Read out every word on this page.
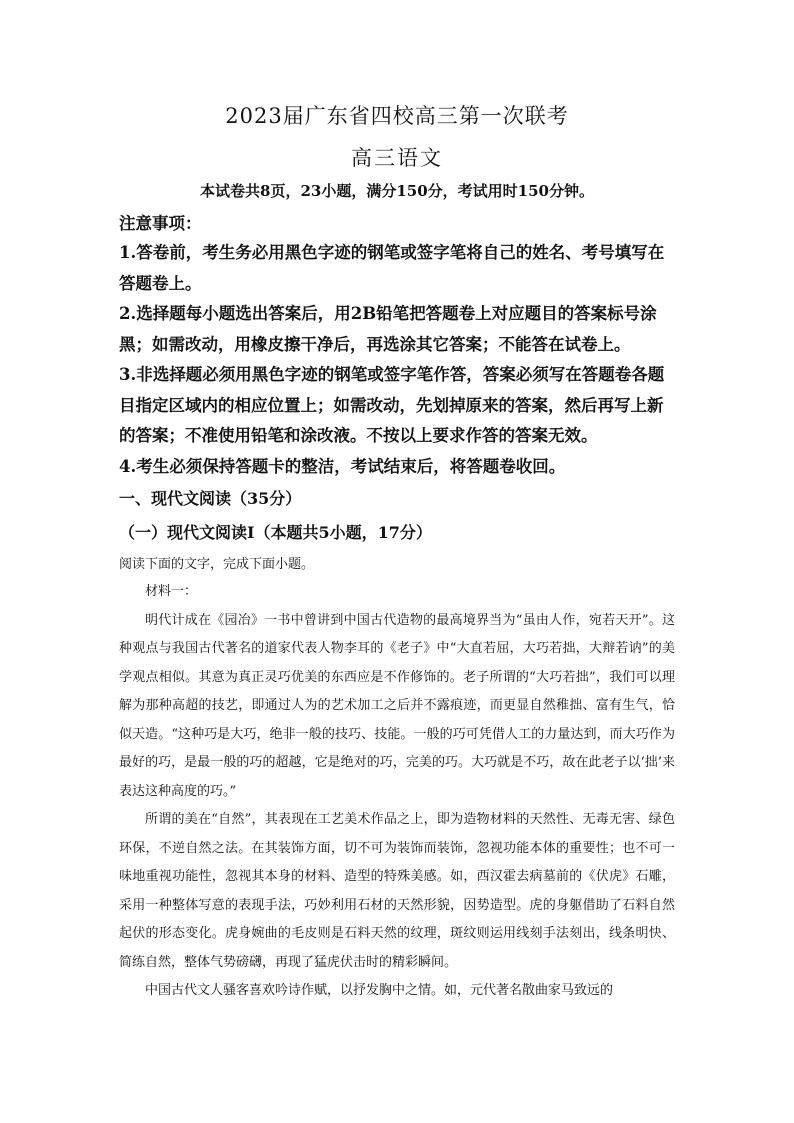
2023届广东省四校高三第一次联考
高三语文
本试卷共8页，23小题，满分150分，考试用时150分钟。
注意事项：

1.答卷前，考生务必用黑色字迹的钢笔或签字笔将自己的姓名、考号填写在答题卷上。

2.选择题每小题选出答案后，用2B铅笔把答题卷上对应题目的答案标号涂黑；如需改动，用橡皮擦干净后，再选涂其它答案；不能答在试卷上。

3.非选择题必须用黑色字迹的钢笔或签字笔作答，答案必须写在答题卷各题目指定区域内的相应位置上；如需改动，先划掉原来的答案，然后再写上新的答案；不准使用铅笔和涂改液。不按以上要求作答的答案无效。

4.考生必须保持答题卡的整洁，考试结束后，将答题卷收回。

一、现代文阅读（35分）
（一）现代文阅读Ⅰ（本题共5小题，17分）
阅读下面的文字，完成下面小题。
材料一：

明代计成在《园冶》一书中曾讲到中国古代造物的最高境界当为“虽由人作，宛若天开”。这种观点与我国古代著名的道家代表人物李耳的《老子》中“大直若屈，大巧若拙，大辩若讷”的美学观点相似。其意为真正灵巧优美的东西应是不作修饰的。老子所谓的“大巧若拙”，我们可以理解为那种高超的技艺，即通过人为的艺术加工之后并不露痕迹，而更显自然稚拙、富有生气，恰似天造。“这种巧是大巧，绝非一般的技巧、技能。一般的巧可凭借人工的力量达到，而大巧作为最好的巧，是最一般的巧的超越，它是绝对的巧，完美的巧。大巧就是不巧，故在此老子以‘拙’来表达这种高度的巧。”

所谓的美在“自然”，其表现在工艺美术作品之上，即为造物材料的天然性、无毒无害、绿色环保，不逆自然之法。在其装饰方面，切不可为装饰而装饰，忽视功能本体的重要性；也不可一味地重视功能性，忽视其本身的材料、造型的特殊美感。如，西汉霍去病墓前的《伏虎》石雕，采用一种整体写意的表现手法，巧妙利用石材的天然形貌，因势造型。虎的身躯借助了石料自然起伏的形态变化。虎身婉曲的毛皮则是石料天然的纹理，斑纹则运用线刻手法刻出，线条明快、简练自然，整体气势磅礴，再现了猛虎伏击时的精彩瞬间。

中国古代文人骚客喜欢吟诗作赋，以抒发胸中之情。如，元代著名散曲家马致远的
